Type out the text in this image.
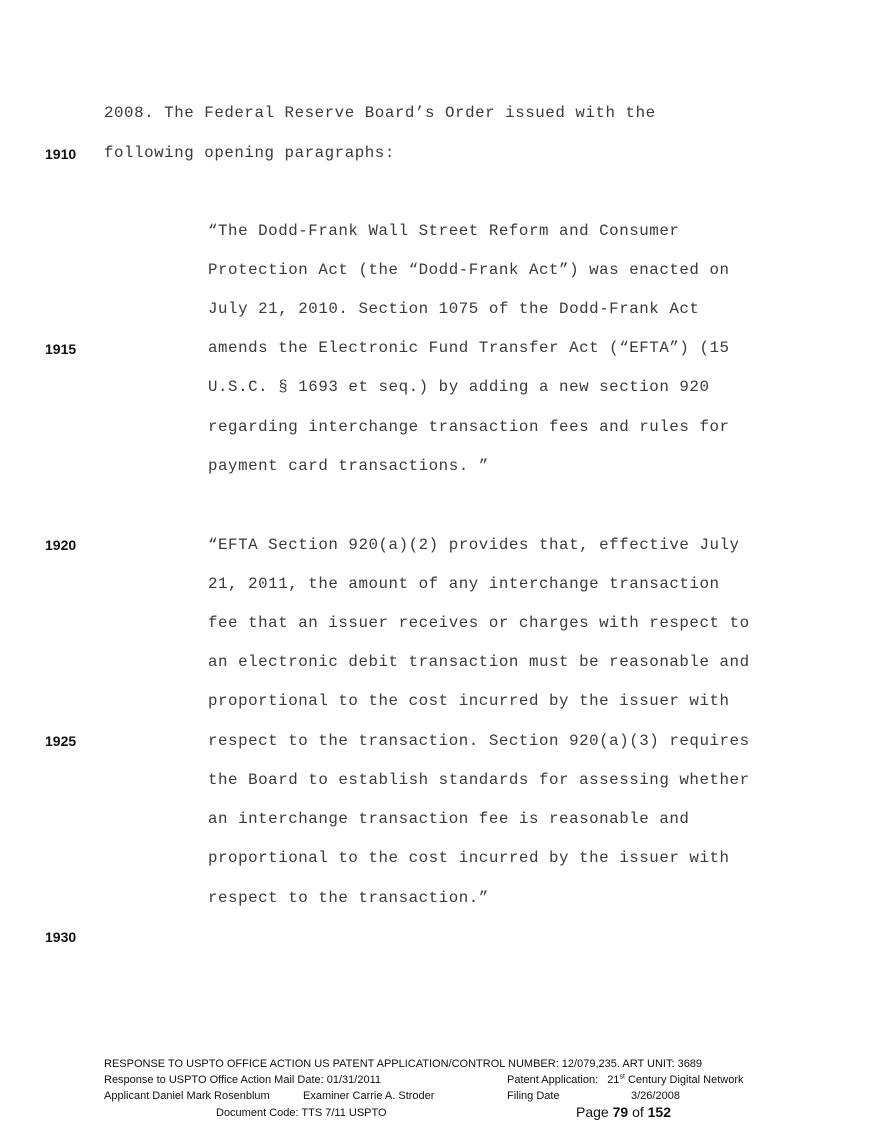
1910
1915
1920
1925
1930
2008. The Federal Reserve Board’s Order issued with the
following opening paragraphs:
“The Dodd-Frank Wall Street Reform and Consumer
Protection Act (the “Dodd-Frank Act”) was enacted on
July 21, 2010. Section 1075 of the Dodd-Frank Act
amends the Electronic Fund Transfer Act (“EFTA”) (15
U.S.C. § 1693 et seq.) by adding a new section 920
regarding interchange transaction fees and rules for
payment card transactions. ”
“EFTA Section 920(a)(2) provides that, effective July
21, 2011, the amount of any interchange transaction
fee that an issuer receives or charges with respect to
an electronic debit transaction must be reasonable and
proportional to the cost incurred by the issuer with
respect to the transaction. Section 920(a)(3) requires
the Board to establish standards for assessing whether
an interchange transaction fee is reasonable and
proportional to the cost incurred by the issuer with
respect to the transaction.”
RESPONSE TO USPTO OFFICE ACTION US PATENT APPLICATION/CONTROL NUMBER: 12/079,235. ART UNIT: 3689
Response to USPTO Office Action Mail Date: 01/31/2011	Patent Application: 21st Century Digital Network
Applicant Daniel Mark Rosenblum	Examiner Carrie A. Stroder	Filing Date	3/26/2008
Document Code: TTS 7/11 USPTO	Page 79 of 152
